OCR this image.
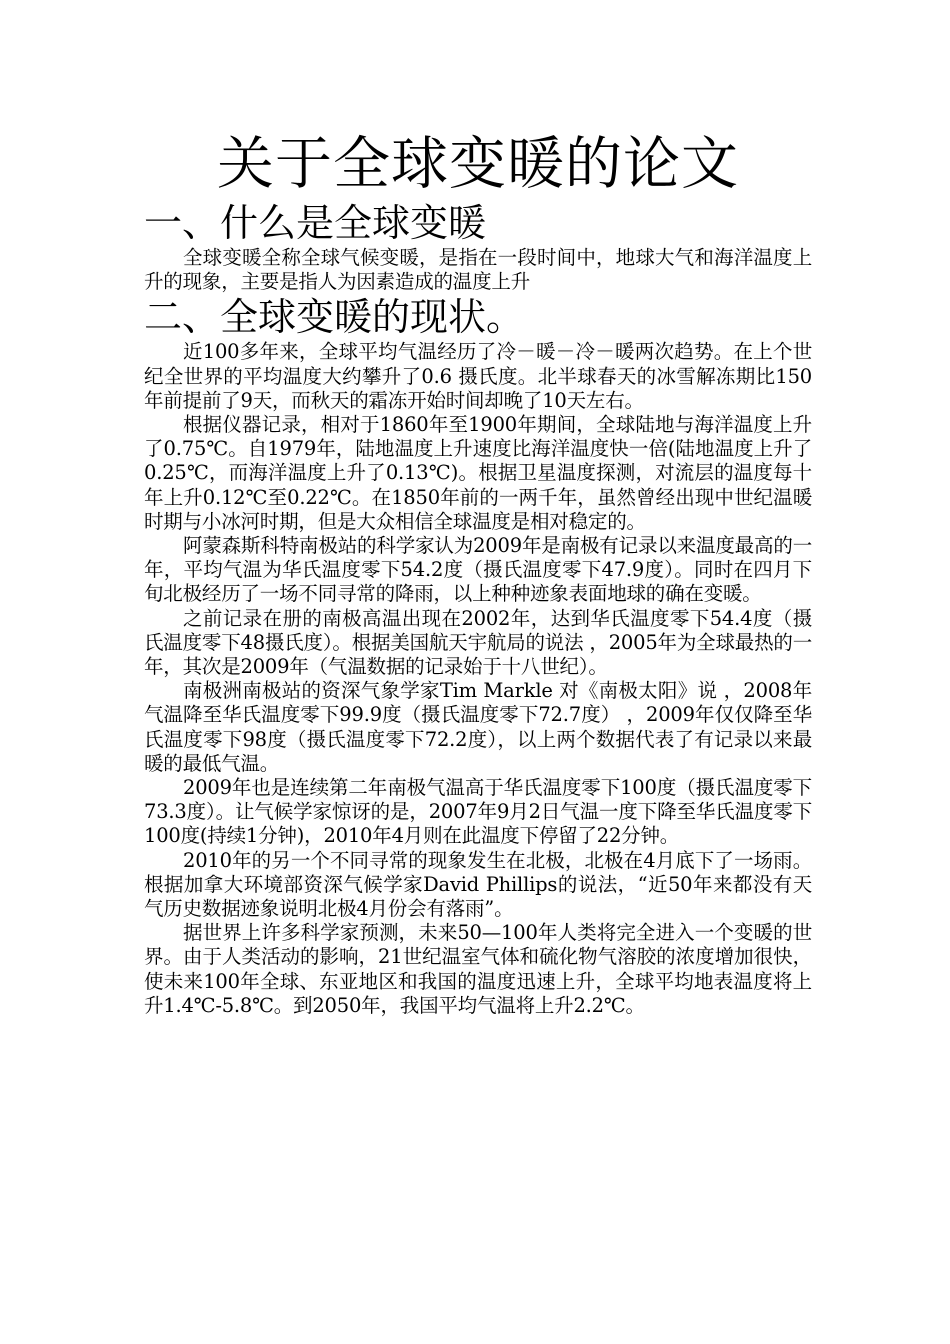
关于全球变暖的论文
一、什么是全球变暖

全球变暖全称全球气候变暖，是指在一段时间中，地球大气和海洋温度上升的现象，主要是指人为因素造成的温度上升

二、全球变暖的现状。

近100多年来，全球平均气温经历了冷－暖－冷－暖两次趋势。在上个世纪全世界的平均温度大约攀升了0.6 摄氏度。北半球春天的冰雪解冻期比150年前提前了9天，而秋天的霜冻开始时间却晚了10天左右。

根据仪器记录，相对于1860年至1900年期间，全球陆地与海洋温度上升了0.75℃。自1979年，陆地温度上升速度比海洋温度快一倍(陆地温度上升了0.25℃，而海洋温度上升了0.13℃)。根据卫星温度探测，对流层的温度每十年上升0.12℃至0.22℃。在1850年前的一两千年，虽然曾经出现中世纪温暖时期与小冰河时期，但是大众相信全球温度是相对稳定的。

阿蒙森斯科特南极站的科学家认为2009年是南极有记录以来温度最高的一年，平均气温为华氏温度零下54.2度（摄氏温度零下47.9度）。同时在四月下旬北极经历了一场不同寻常的降雨，以上种种迹象表面地球的确在变暖。

之前记录在册的南极高温出现在2002年，达到华氏温度零下54.4度（摄氏温度零下48摄氏度）。根据美国航天宇航局的说法 ，2005年为全球最热的一年，其次是2009年（气温数据的记录始于十八世纪）。

南极洲南极站的资深气象学家Tim Markle 对《南极太阳》说 ，2008年气温降至华氏温度零下99.9度（摄氏温度零下72.7度） ，2009年仅仅降至华氏温度零下98度（摄氏温度零下72.2度），以上两个数据代表了有记录以来最暖的最低气温。

2009年也是连续第二年南极气温高于华氏温度零下100度（摄氏温度零下73.3度）。让气候学家惊讶的是，2007年9月2日气温一度下降至华氏温度零下100度(持续1分钟)，2010年4月则在此温度下停留了22分钟。

2010年的另一个不同寻常的现象发生在北极，北极在4月底下了一场雨。根据加拿大环境部资深气候学家David Phillips的说法，“近50年来都没有天气历史数据迹象说明北极4月份会有落雨”。

据世界上许多科学家预测，未来50—100年人类将完全进入一个变暖的世界。由于人类活动的影响，21世纪温室气体和硫化物气溶胶的浓度增加很快，使未来100年全球、东亚地区和我国的温度迅速上升，全球平均地表温度将上升1.4℃-5.8℃。到2050年，我国平均气温将上升2.2℃。
